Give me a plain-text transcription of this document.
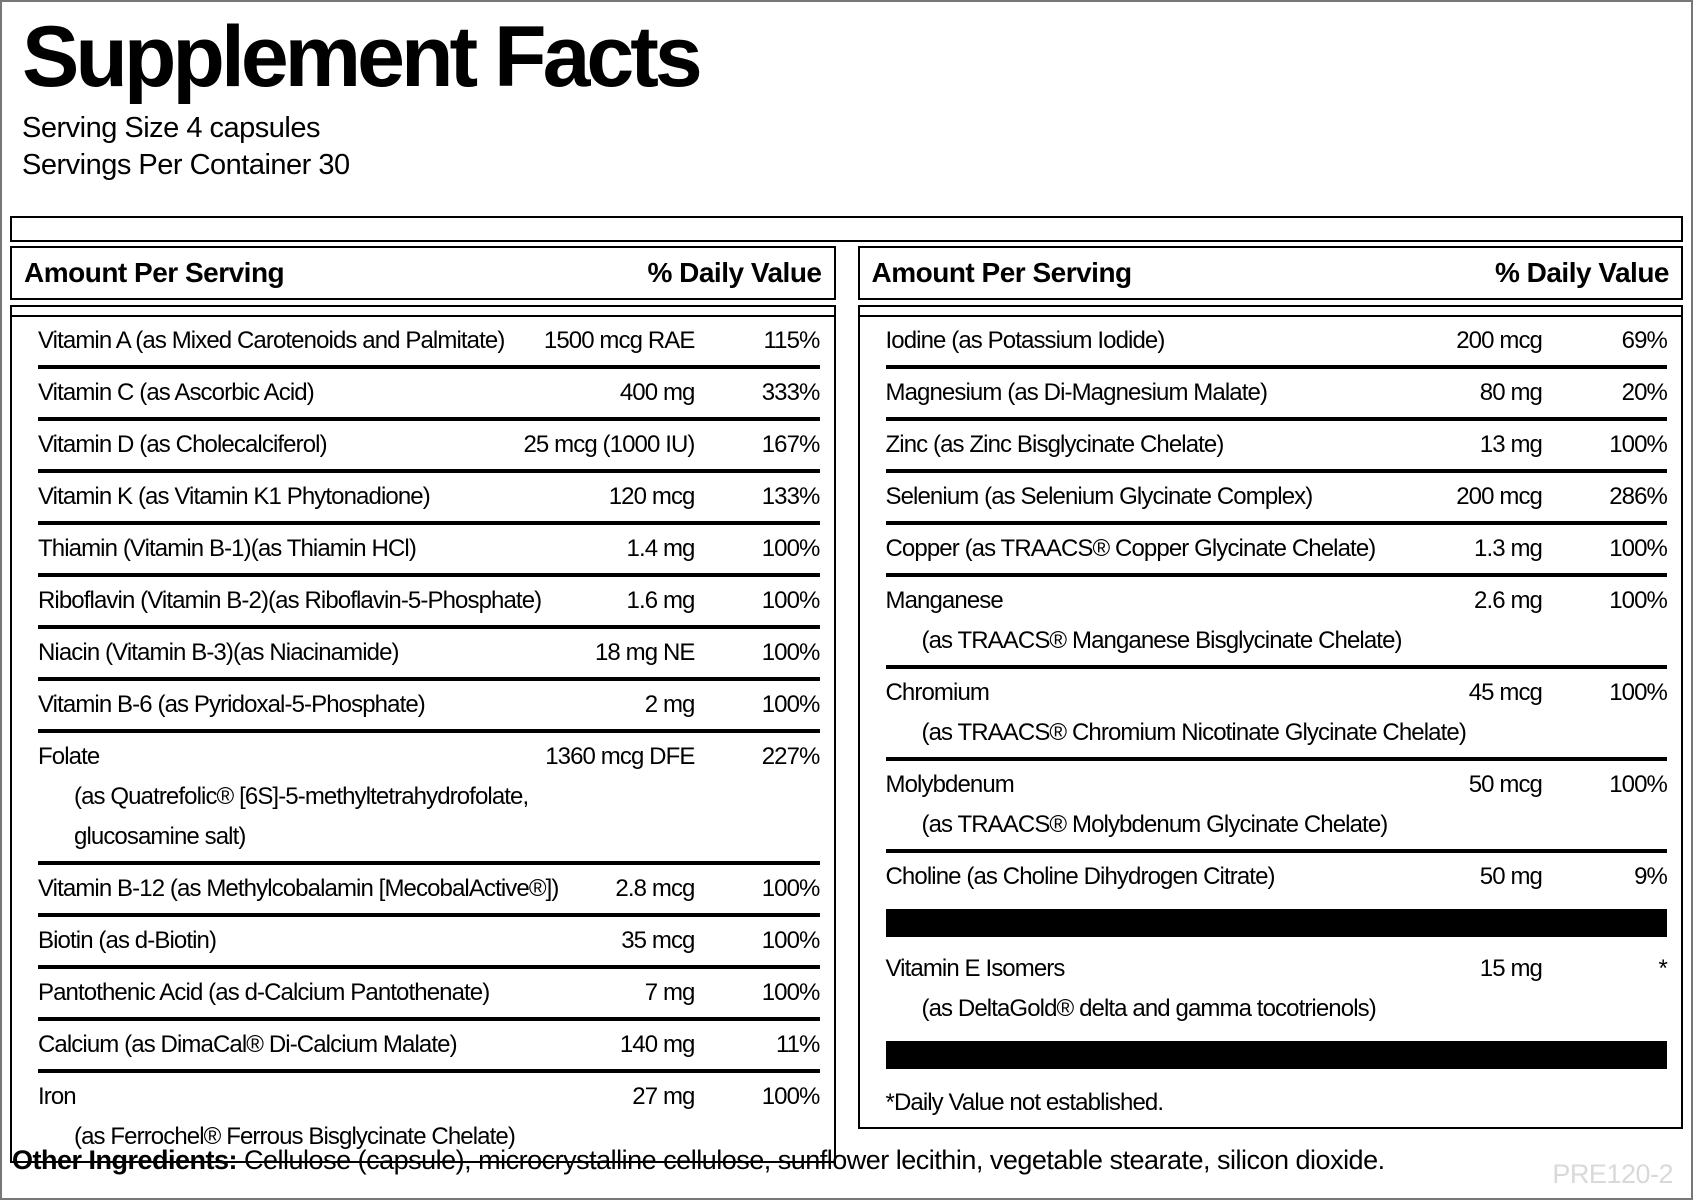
Supplement Facts
Serving Size 4 capsules
Servings Per Container 30
Amount Per Serving	% Daily Value
Vitamin A (as Mixed Carotenoids and Palmitate)	1500 mcg RAE	115%
Vitamin C (as Ascorbic Acid)	400 mg	333%
Vitamin D (as Cholecalciferol)	25 mcg (1000 IU)	167%
Vitamin K (as Vitamin K1 Phytonadione)	120 mcg	133%
Thiamin (Vitamin B-1)(as Thiamin HCl)	1.4 mg	100%
Riboflavin (Vitamin B-2)(as Riboflavin-5-Phosphate)	1.6 mg	100%
Niacin (Vitamin B-3)(as Niacinamide)	18 mg NE	100%
Vitamin B-6 (as Pyridoxal-5-Phosphate)	2 mg	100%
Folate	1360 mcg DFE	227%
(as Quatrefolic® [6S]-5-methyltetrahydrofolate,
glucosamine salt)
Vitamin B-12 (as Methylcobalamin [MecobalActive®])	2.8 mcg	100%
Biotin (as d-Biotin)	35 mcg	100%
Pantothenic Acid (as d-Calcium Pantothenate)	7 mg	100%
Calcium (as DimaCal® Di-Calcium Malate)	140 mg	11%
Iron	27 mg	100%
(as Ferrochel® Ferrous Bisglycinate Chelate)
Amount Per Serving	% Daily Value
Iodine (as Potassium Iodide)	200 mcg	69%
Magnesium (as Di-Magnesium Malate)	80 mg	20%
Zinc (as Zinc Bisglycinate Chelate)	13 mg	100%
Selenium (as Selenium Glycinate Complex)	200 mcg	286%
Copper (as TRAACS® Copper Glycinate Chelate)	1.3 mg	100%
Manganese	2.6 mg	100%
(as TRAACS® Manganese Bisglycinate Chelate)
Chromium	45 mcg	100%
(as TRAACS® Chromium Nicotinate Glycinate Chelate)
Molybdenum	50 mcg	100%
(as TRAACS® Molybdenum Glycinate Chelate)
Choline (as Choline Dihydrogen Citrate)	50 mg	9%
Vitamin E Isomers	15 mg	*
(as DeltaGold® delta and gamma tocotrienols)
*Daily Value not established.
Other Ingredients: Cellulose (capsule), microcrystalline cellulose, sunflower lecithin, vegetable stearate, silicon dioxide.	PRE120-2
